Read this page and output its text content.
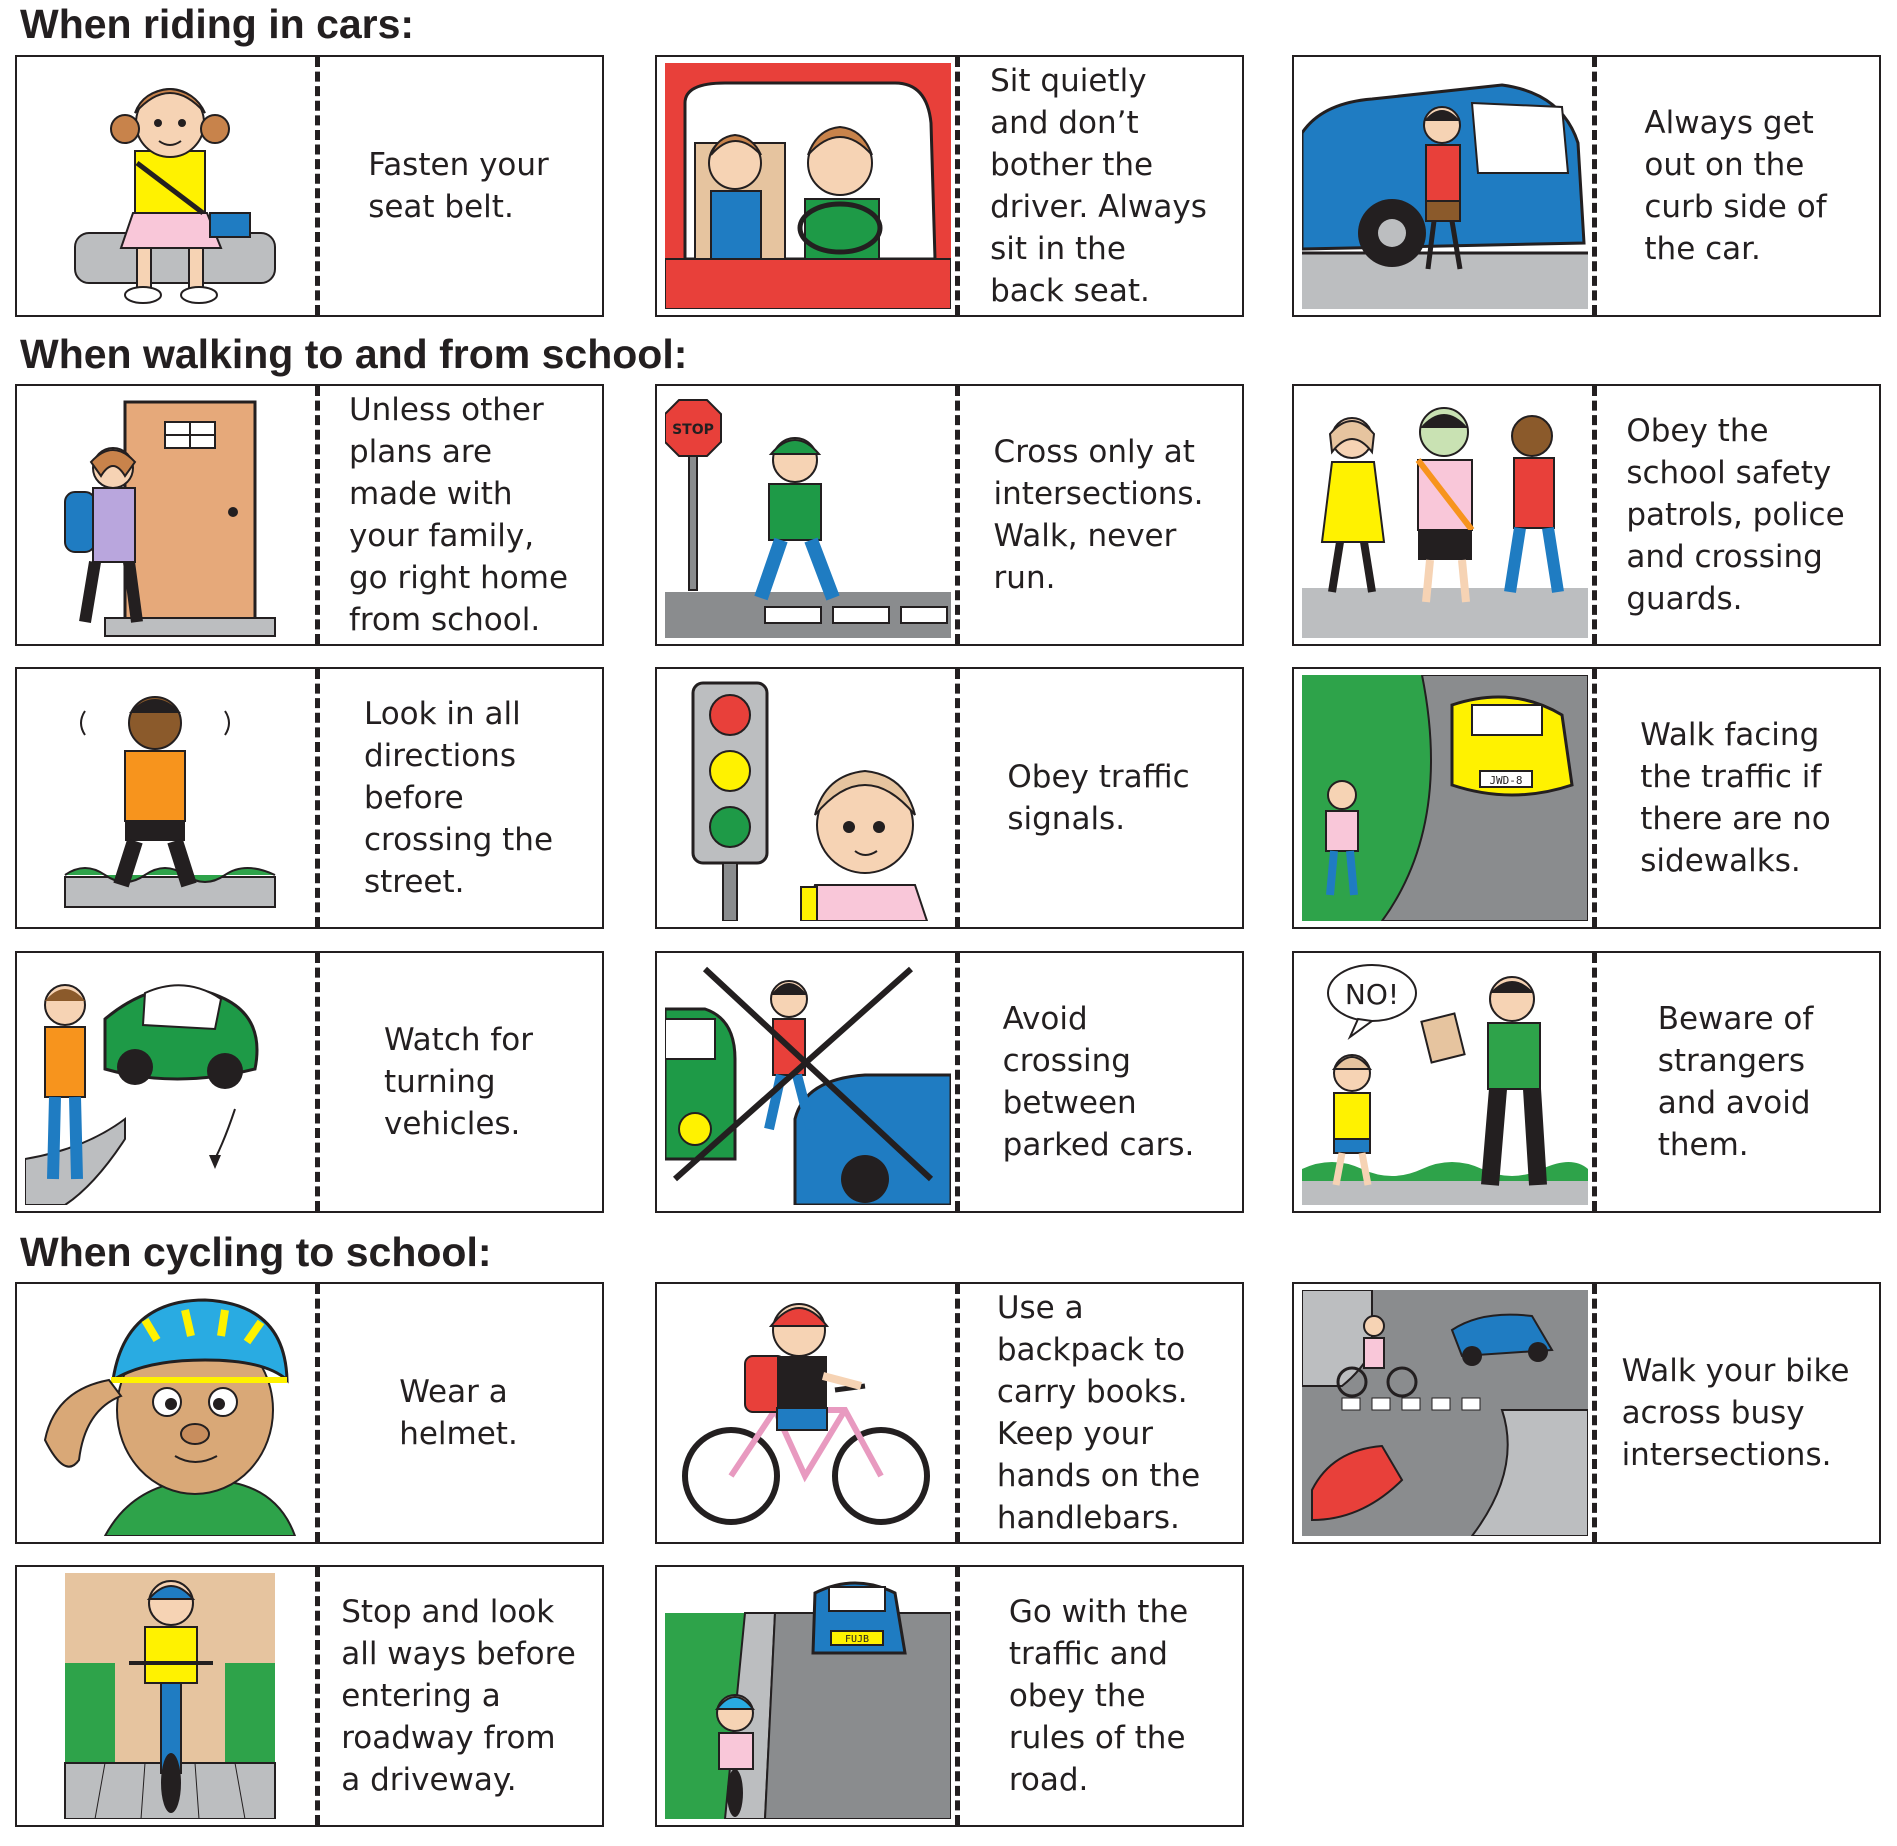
When riding in cars:
When walking to and from school:
When cycling to school:
Fasten your
seat belt.
Sit quietly
and don’t
bother the
driver. Always
sit in the
back seat.
Always get
out on the
curb side of
the car.
Unless other
plans are
made with
your family,
go right home
from school.
STOP
Cross only at
intersections.
Walk, never
run.
Obey the
school safety
patrols, police
and crossing
guards.
Look in all
directions
before
crossing the
street.
Obey traffic
signals.
JWD-8
Walk facing
the traffic if
there are no
sidewalks.
Watch for
turning
vehicles.
Avoid
crossing
between
parked cars.
NO!
Beware of
strangers
and avoid
them.
Wear a
helmet.
Use a
backpack to
carry books.
Keep your
hands on the
handlebars.
Walk your bike
across busy
intersections.
Stop and look
all ways before
entering a
roadway from
a driveway.
FUJB
Go with the
traffic and
obey the
rules of the
road.
